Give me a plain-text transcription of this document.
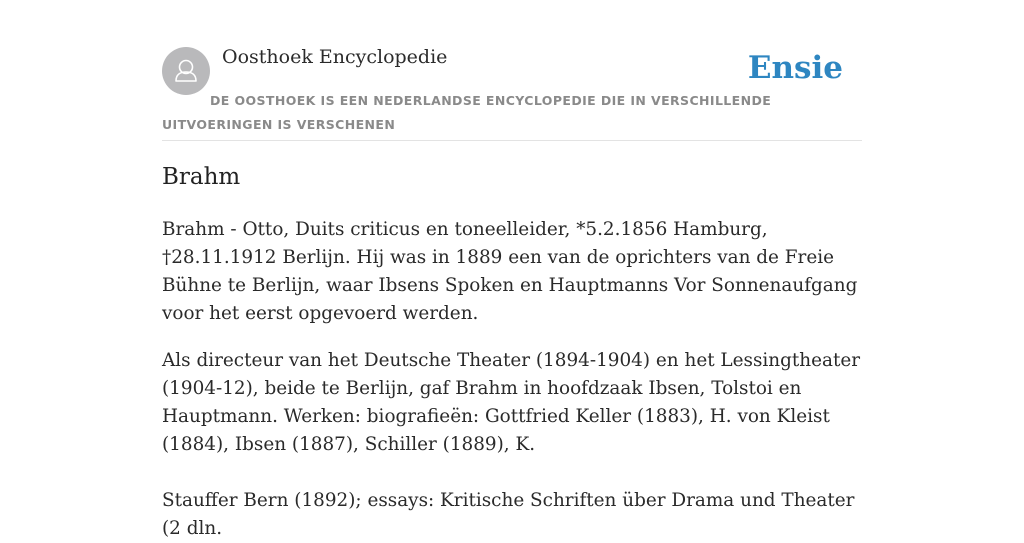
Oosthoek Encyclopedie	Ensie
DE OOSTHOEK IS EEN NEDERLANDSE ENCYCLOPEDIE DIE IN VERSCHILLENDE UITVOERINGEN IS VERSCHENEN
Brahm

Brahm - Otto, Duits criticus en toneelleider, *5.2.1856 Hamburg, †28.11.1912 Berlijn. Hij was in 1889 een van de oprichters van de Freie Bühne te Berlijn, waar Ibsens Spoken en Hauptmanns Vor Sonnenaufgang voor het eerst opgevoerd werden.

Als directeur van het Deutsche Theater (1894-1904) en het Lessingtheater (1904-12), beide te Berlijn, gaf Brahm in hoofdzaak Ibsen, Tolstoi en Hauptmann. Werken: biografieën: Gottfried Keller (1883), H. von Kleist (1884), Ibsen (1887), Schiller (1889), K.

Stauffer Bern (1892); essays: Kritische Schriften über Drama und Theater (2 dln.
